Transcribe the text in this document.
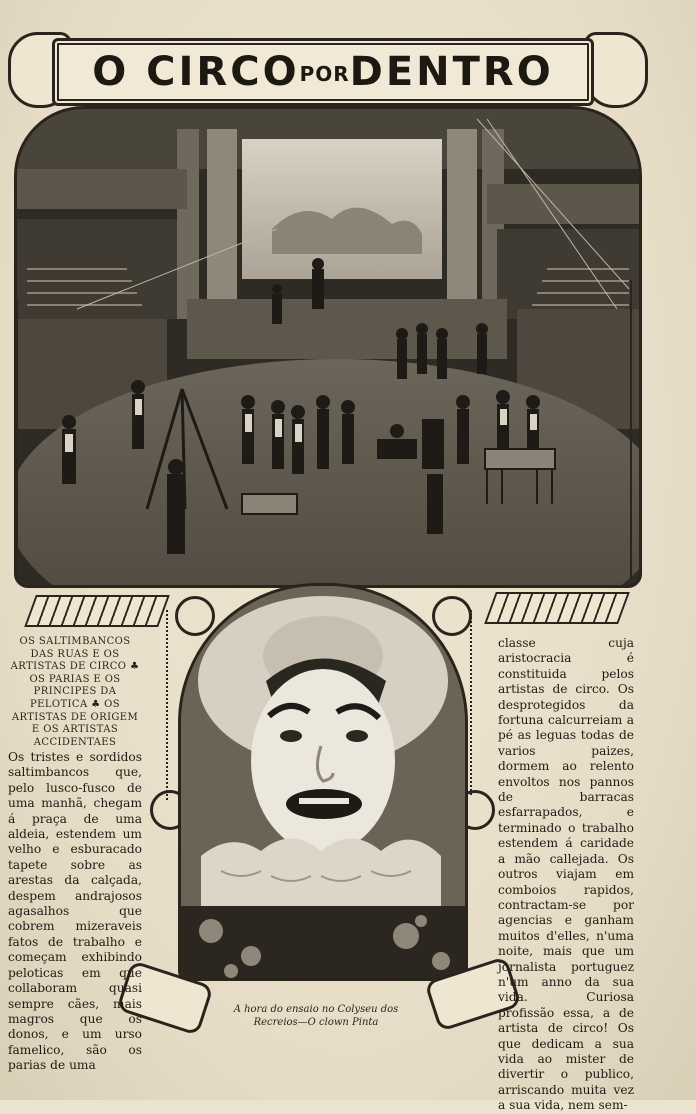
O CIRCOPORDENTRO
OS SALTIMBANCOS DAS RUAS E OS ARTISTAS DE CIRCO ♣ OS PARIAS E OS PRINCIPES DA PELOTICA ♣ OS ARTISTAS DE ORIGEM E OS ARTISTAS ACCIDENTAES
Os tristes e sordidos saltimbancos que, pelo lusco-fusco de uma manhã, chegam á praça de uma aldeia, estendem um velho e esburacado tapete sobre as arestas da calçada, despem andrajosos agasalhos que cobrem mizeraveis fatos de trabalho e começam exhibindo peloticas em que collaboram quasi sempre cães, mais magros que os donos, e um urso famelico, são os parias de uma
classe cuja aristocracia é constituida pelos artistas de circo. Os desprotegidos da fortuna calcurreiam a pé as leguas todas de varios paizes, dormem ao relento envoltos nos pannos de barracas esfarrapados, e terminado o trabalho estendem á caridade a mão callejada. Os outros viajam em comboios rapidos, contractam-se por agencias e ganham muitos d'elles, n'uma noite, mais que um jornalista portuguez n'um anno da sua vida. Curiosa profissão essa, a de artista de circo! Os que dedicam a sua vida ao mister de divertir o publico, arriscando muita vez a sua vida, nem sem-
A hora do ensaio no Colyseu dos Recreios—O clown Pinta
